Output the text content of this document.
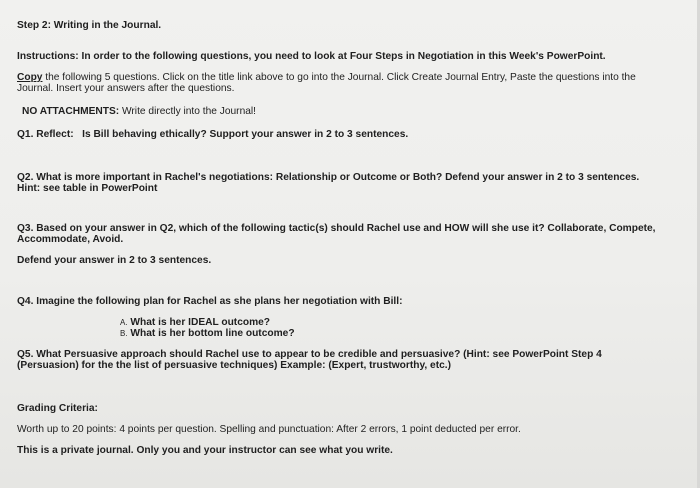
Step 2: Writing in the Journal.
Instructions: In order to the following questions, you need to look at Four Steps in Negotiation in this Week's PowerPoint.
Copy the following 5 questions. Click on the title link above to go into the Journal. Click Create Journal Entry, Paste the questions into the
Journal. Insert your answers after the questions.
NO ATTACHMENTS: Write directly into the Journal!
Q1. Reflect: Is Bill behaving ethically? Support your answer in 2 to 3 sentences.
Q2. What is more important in Rachel's negotiations: Relationship or Outcome or Both? Defend your answer in 2 to 3 sentences.
Hint: see table in PowerPoint
Q3. Based on your answer in Q2, which of the following tactic(s) should Rachel use and HOW will she use it? Collaborate, Compete,
Accommodate, Avoid.
Defend your answer in 2 to 3 sentences.
Q4. Imagine the following plan for Rachel as she plans her negotiation with Bill:
A. What is her IDEAL outcome?
B. What is her bottom line outcome?
Q5. What Persuasive approach should Rachel use to appear to be credible and persuasive? (Hint: see PowerPoint Step 4
(Persuasion) for the the list of persuasive techniques) Example: (Expert, trustworthy, etc.)
Grading Criteria:
Worth up to 20 points: 4 points per question. Spelling and punctuation: After 2 errors, 1 point deducted per error.
This is a private journal. Only you and your instructor can see what you write.
